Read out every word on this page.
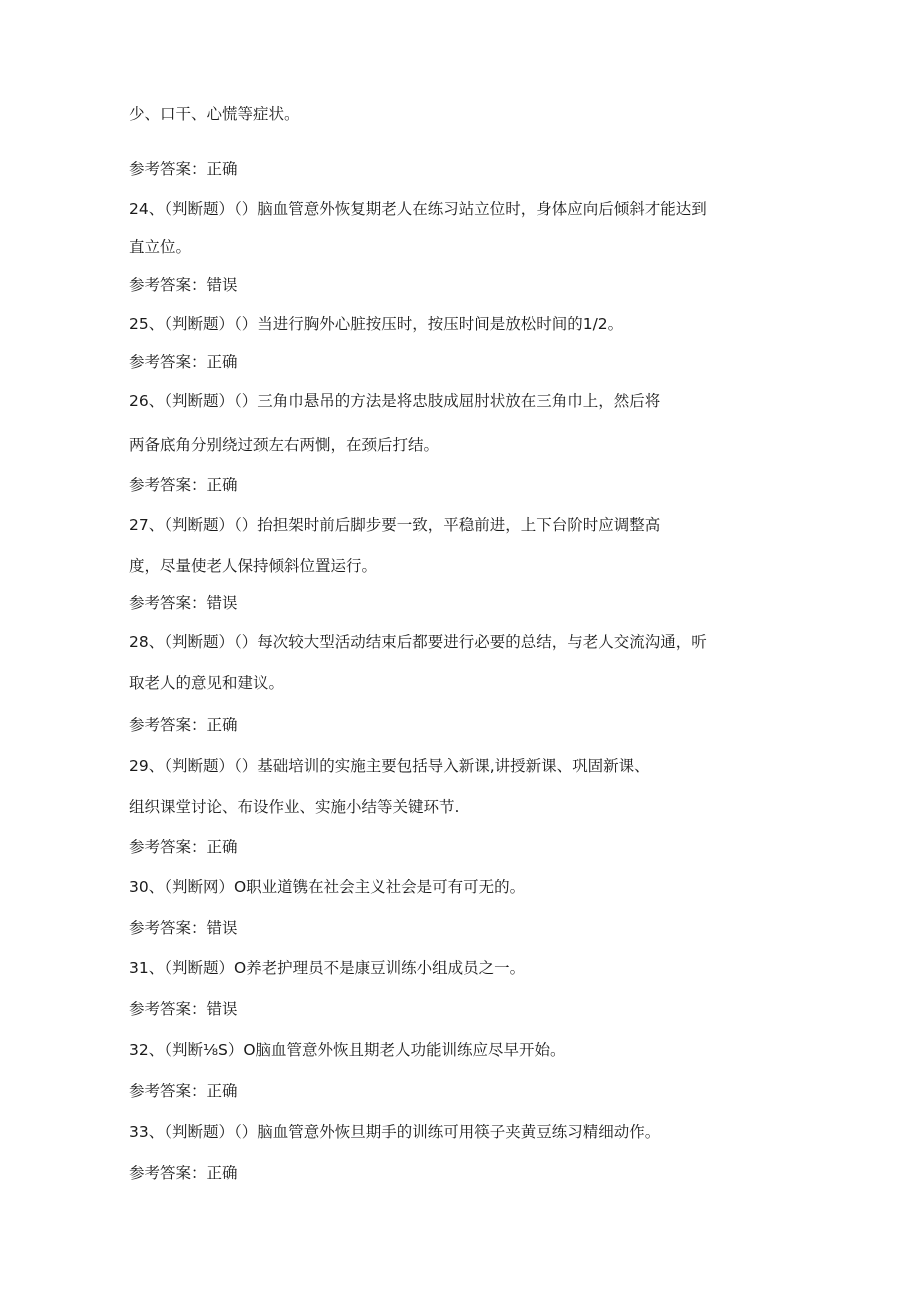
少、口干、心慌等症状。
参考答案：正确
24、（判断题）（）脑血管意外恢复期老人在练习站立位时，身体应向后倾斜才能达到
直立位。
参考答案：错误
25、（判断题）（）当进行胸外心脏按压时，按压时间是放松时间的1/2。
参考答案：正确
26、（判断题）（）三角巾悬吊的方法是将忠肢成屈肘状放在三角巾上，然后将
两备底角分别绕过颈左右两惻，在颈后打结。
参考答案：正确
27、（判断题）（）抬担架时前后脚步要一致，平稳前进，上下台阶时应调整高
度，尽量使老人保持倾斜位置运行。
参考答案：错误
28、（判断题）（）每次较大型活动结束后都要进行必要的总结，与老人交流沟通，听
取老人的意见和建议。
参考答案：正确
29、（判断题）（）基础培训的实施主要包括导入新课,讲授新课、巩固新课、
组织课堂讨论、布设作业、实施小结等关键环节.
参考答案：正确
30、（判断网）O职业道镌在社会主义社会是可有可无的。
参考答案：错误
31、（判断题）O养老护理员不是康豆训练小组成员之一。
参考答案：错误
32、（判断⅛S）O脑血管意外恢且期老人功能训练应尽早开始。
参考答案：正确
33、（判断题）（）脑血管意外恢旦期手的训练可用筷子夹黄豆练习精细动作。
参考答案：正确
